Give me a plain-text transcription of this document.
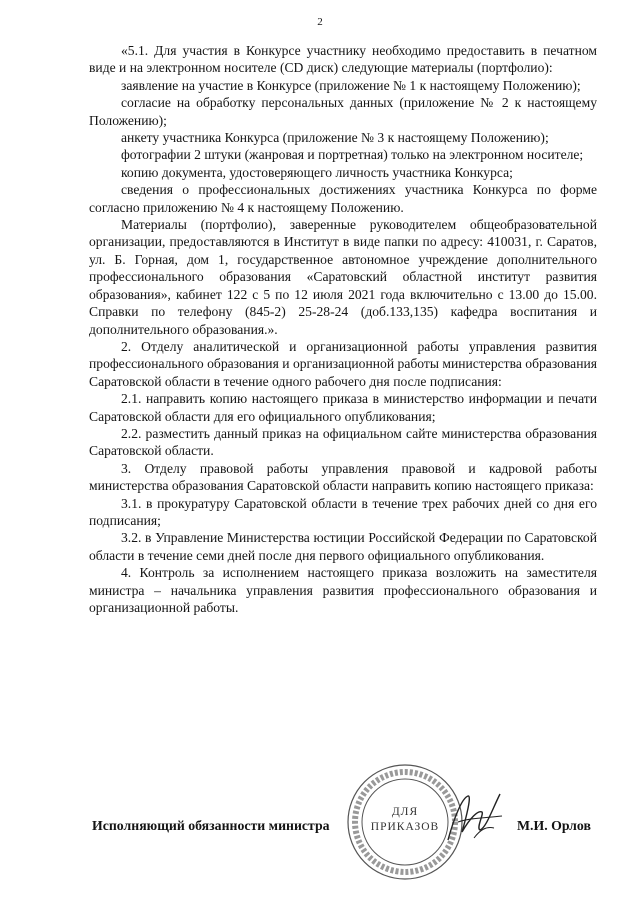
2

«5.1. Для участия в Конкурсе участнику необходимо предоставить в печатном виде и на электронном носителе (CD диск) следующие материалы (портфолио):

заявление на участие в Конкурсе (приложение № 1 к настоящему Положению);

согласие на обработку персональных данных (приложение № 2 к настоящему Положению);

анкету участника Конкурса (приложение № 3 к настоящему Положению);

фотографии 2 штуки (жанровая и портретная) только на электронном носителе;

копию документа, удостоверяющего личность участника Конкурса;

сведения о профессиональных достижениях участника Конкурса по форме согласно приложению № 4 к настоящему Положению.

Материалы (портфолио), заверенные руководителем общеобразовательной организации, предоставляются в Институт в виде папки по адресу: 410031, г. Саратов, ул. Б. Горная, дом 1, государственное автономное учреждение дополнительного профессионального образования «Саратовский областной институт развития образования», кабинет 122 с 5 по 12 июля 2021 года включительно с 13.00 до 15.00. Справки по телефону (845-2) 25-28-24 (доб.133,135) кафедра воспитания и дополнительного образования.».

2. Отделу аналитической и организационной работы управления развития профессионального образования и организационной работы министерства образования Саратовской области в течение одного рабочего дня после подписания:

2.1. направить копию настоящего приказа в министерство информации и печати Саратовской области для его официального опубликования;

2.2. разместить данный приказ на официальном сайте министерства образования Саратовской области.

3. Отделу правовой работы управления правовой и кадровой работы министерства образования Саратовской области направить копию настоящего приказа:

3.1. в прокуратуру Саратовской области в течение трех рабочих дней со дня его подписания;

3.2. в Управление Министерства юстиции Российской Федерации по Саратовской области в течение семи дней после дня первого официального опубликования.

4. Контроль за исполнением настоящего приказа возложить на заместителя министра – начальника управления развития профессионального образования и организационной работы.

ДЛЯ
ПРИКАЗОВ
Исполняющий обязанности министра	М.И. Орлов
